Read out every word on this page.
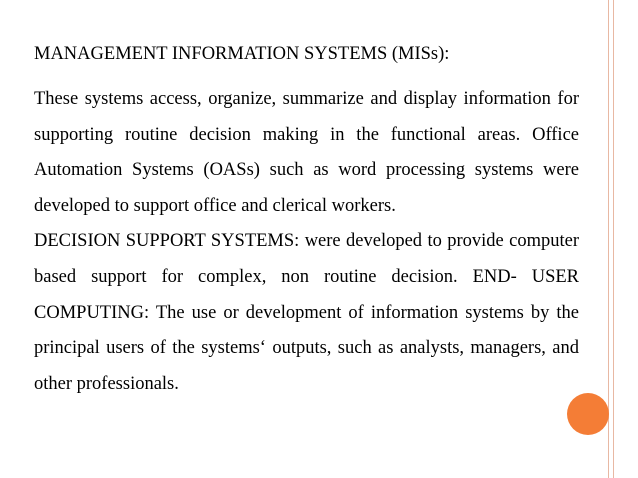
MANAGEMENT INFORMATION SYSTEMS (MISs):

These systems access, organize, summarize and display information for supporting routine decision making in the functional areas. Office Automation Systems (OASs) such as word processing systems were developed to support office and clerical workers.

DECISION SUPPORT SYSTEMS: were developed to provide computer based support for complex, non routine decision. END- USER COMPUTING: The use or development of information systems by the principal users of the systems‘ outputs, such as analysts, managers, and other professionals.
